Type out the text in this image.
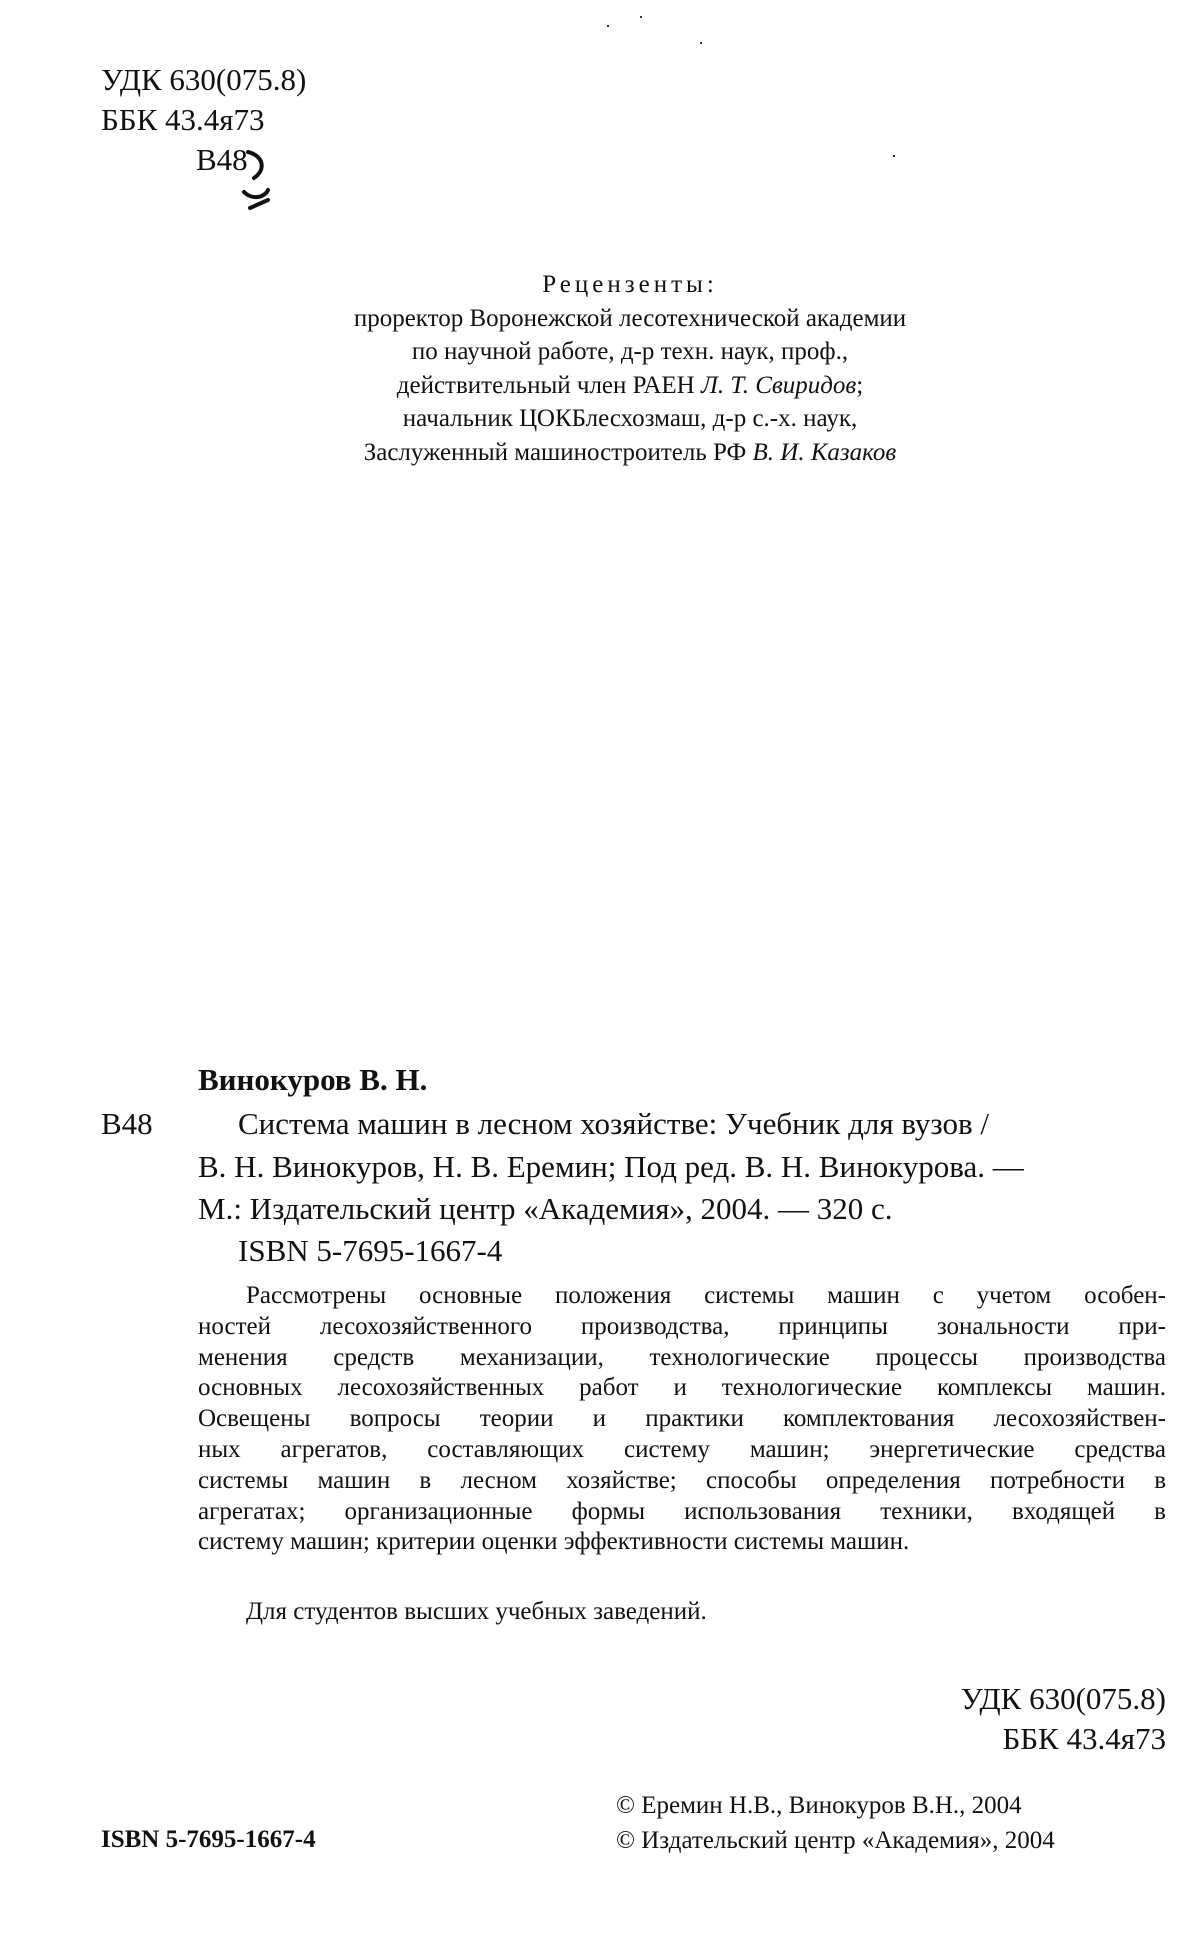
УДК 630(075.8)
ББК 43.4я73
В48
Рецензенты:
проректор Воронежской лесотехнической академии
по научной работе, д-р техн. наук, проф.,
действительный член РАЕН Л. Т. Свиридов;
начальник ЦОКБлесхозмаш, д-р с.-х. наук,
Заслуженный машиностроитель РФ В. И. Казаков
Винокуров В. Н.
В48	Система машин в лесном хозяйстве: Учебник для вузов /
В. Н. Винокуров, Н. В. Еремин; Под ред. В. Н. Винокурова. —
М.: Издательский центр «Академия», 2004. — 320 с.
ISBN 5-7695-1667-4
Рассмотрены основные положения системы машин с учетом особен-
ностей лесохозяйственного производства, принципы зональности при-
менения средств механизации, технологические процессы производства
основных лесохозяйственных работ и технологические комплексы машин.
Освещены вопросы теории и практики комплектования лесохозяйствен-
ных агрегатов, составляющих систему машин; энергетические средства
системы машин в лесном хозяйстве; способы определения потребности в
агрегатах; организационные формы использования техники, входящей в
систему машин; критерии оценки эффективности системы машин.
Для студентов высших учебных заведений.
УДК 630(075.8)
ББК 43.4я73
© Еремин Н.В., Винокуров В.Н., 2004
© Издательский центр «Академия», 2004
ISBN 5-7695-1667-4
